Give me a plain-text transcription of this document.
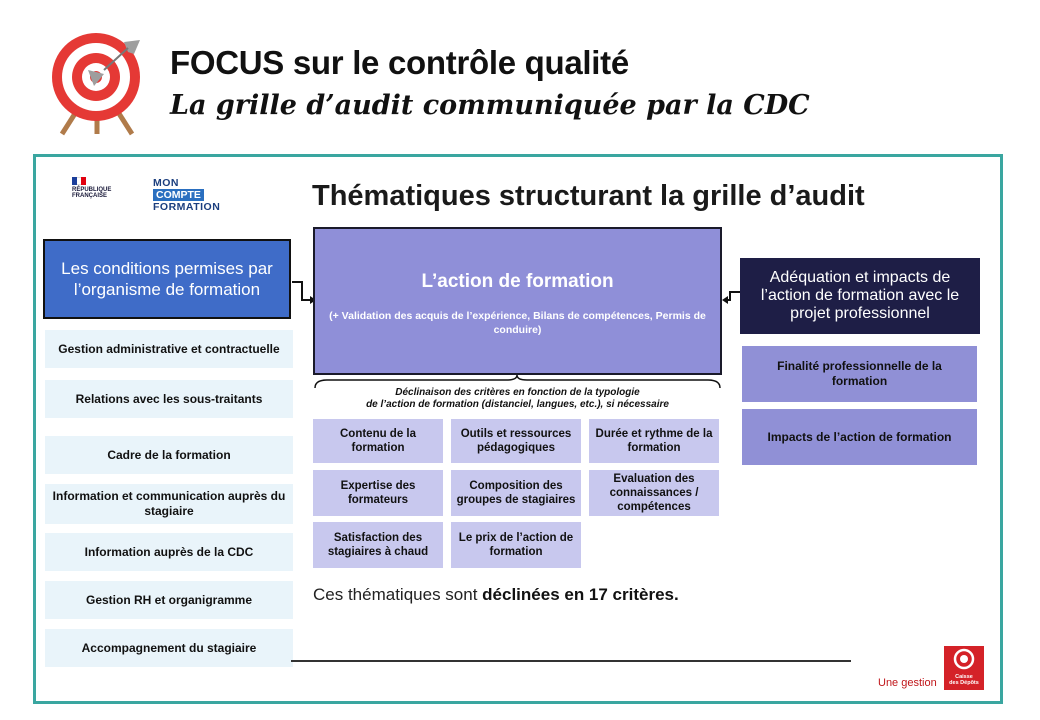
FOCUS sur le contrôle qualité
La grille d’audit communiquée par la CDC
RÉPUBLIQUE
FRANÇAISE
MON
COMPTE
FORMATION	Thématiques structurant la grille d’audit
Les conditions permises par l’organisme de formation
Gestion administrative et contractuelle
Relations avec les sous-traitants
Cadre de la formation
Information et communication auprès du stagiaire
Information auprès de la CDC
Gestion RH et organigramme
Accompagnement du stagiaire
L’action de formation
(+ Validation des acquis de l’expérience, Bilans de compétences, Permis de conduire)
Déclinaison des critères en fonction de la typologie
de l’action de formation (distanciel, langues, etc.), si nécessaire
Contenu de la formation
Outils et ressources pédagogiques
Durée et rythme de la formation
Expertise des formateurs
Composition des groupes de stagiaires
Evaluation des connaissances / compétences
Satisfaction des stagiaires à chaud
Le prix de l’action de formation
Ces thématiques sont déclinées en 17 critères.
Adéquation et impacts de l’action de formation avec le projet professionnel
Finalité professionnelle de la formation
Impacts de l’action de formation
Une gestion	Caisse
des Dépôts
